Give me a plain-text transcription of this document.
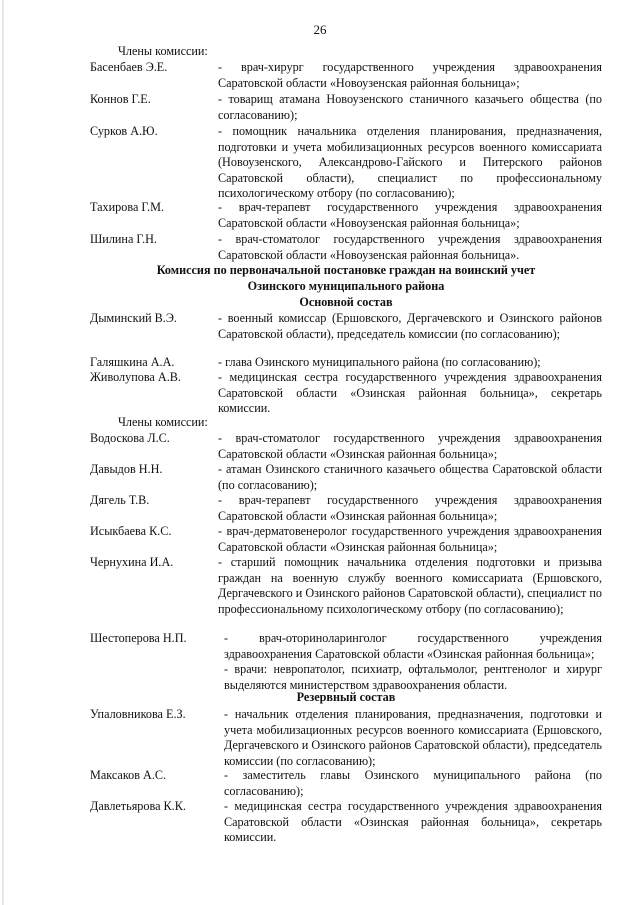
26
Члены комиссии:
Басенбаев Э.Е.	- врач-хирург государственного учреждения здравоохранения Саратовской области «Новоузенская районная больница»;
Коннов Г.Е.	- товарищ атамана Новоузенского станичного казачьего общества (по согласованию);
Сурков А.Ю.	- помощник начальника отделения планирования, предназначения, подготовки и учета мобилизационных ресурсов военного комиссариата (Новоузенского, Александрово-Гайского и Питерского районов Саратовской области), специалист по профессиональному психологическому отбору (по согласованию);
Тахирова Г.М.	- врач-терапевт государственного учреждения здравоохранения Саратовской области «Новоузенская районная больница»;
Шилина Г.Н.	- врач-стоматолог государственного учреждения здравоохранения Саратовской области «Новоузенская районная больница».
Комиссия по первоначальной постановке граждан на воинский учет
Озинского муниципального района
Основной состав
Дыминский В.Э.	- военный комиссар (Ершовского, Дергачевского и Озинского районов Саратовской области), председатель комиссии (по согласованию);
Галяшкина А.А.	- глава Озинского муниципального района (по согласованию);
Живолупова А.В.	- медицинская сестра государственного учреждения здравоохранения Саратовской области «Озинская районная больница», секретарь комиссии.
Члены комиссии:
Водоскова Л.С.	- врач-стоматолог государственного учреждения здравоохранения Саратовской области «Озинская районная больница»;
Давыдов Н.Н.	- атаман Озинского станичного казачьего общества Саратовской области (по согласованию);
Дягель Т.В.	- врач-терапевт государственного учреждения здравоохранения Саратовской области «Озинская районная больница»;
Исыкбаева К.С.	- врач-дерматовенеролог государственного учреждения здравоохранения Саратовской области «Озинская районная больница»;
Чернухина И.А.	- старший помощник начальника отделения подготовки и призыва граждан на военную службу военного комиссариата (Ершовского, Дергачевского и Озинского районов Саратовской области), специалист по профессиональному психологическому отбору (по согласованию);
Шестоперова Н.П.	- врач-оториноларинголог государственного учреждения здравоохранения Саратовской области «Озинская районная больница»;
- врачи: невропатолог, психиатр, офтальмолог, рентгенолог и хирург выделяются министерством здравоохранения области.
Резервный состав
Упаловникова Е.З.	- начальник отделения планирования, предназначения, подготовки и учета мобилизационных ресурсов военного комиссариата (Ершовского, Дергачевского и Озинского районов Саратовской области), председатель комиссии (по согласованию);
Максаков А.С.	- заместитель главы Озинского муниципального района (по согласованию);
Давлетьярова К.К.	- медицинская сестра государственного учреждения здравоохранения Саратовской области «Озинская районная больница», секретарь комиссии.
